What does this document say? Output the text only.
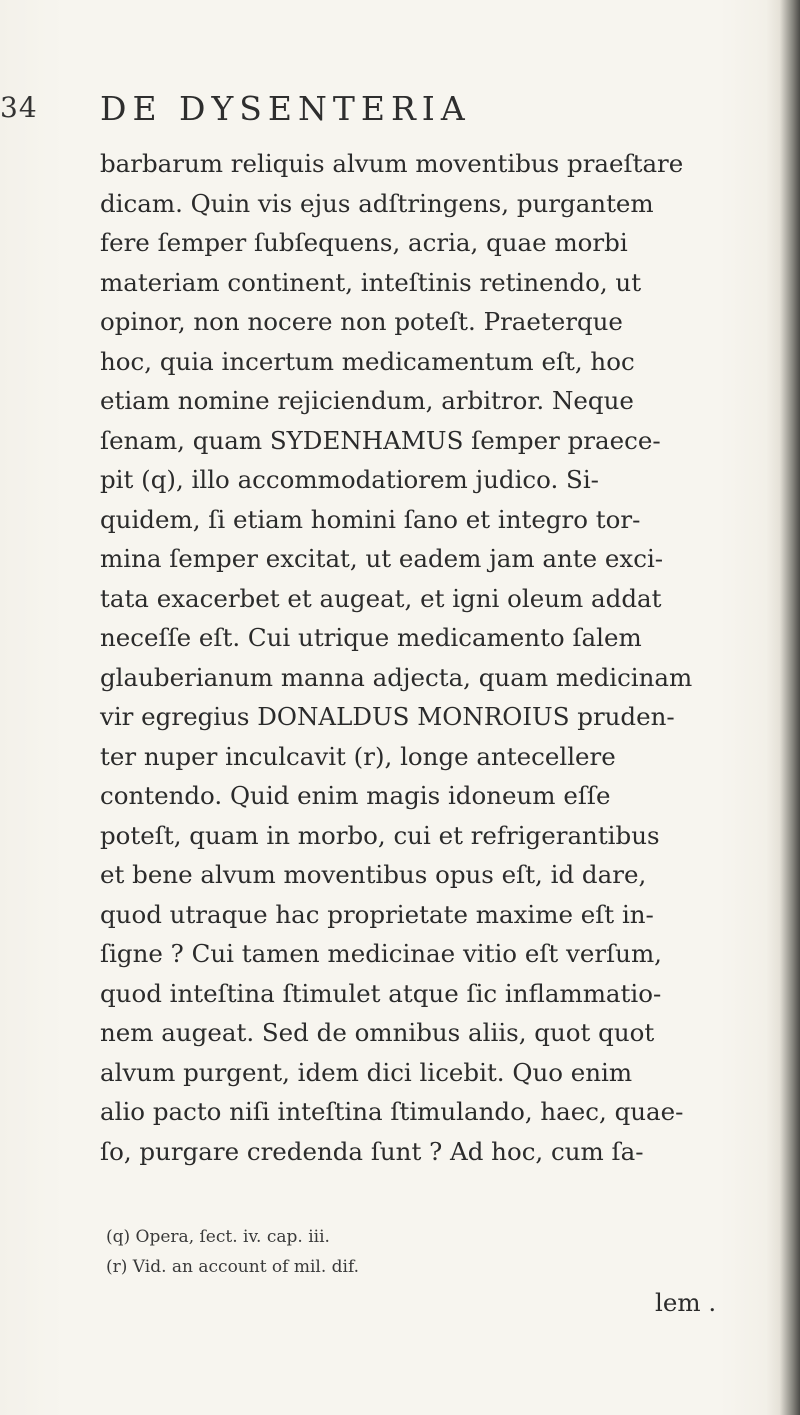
34 DE DYSENTERIA
barbarum reliquis alvum moventibus praeſtare
dicam. Quin vis ejus adſtringens, purgantem
fere ſemper ſubſequens, acria, quae morbi
materiam continent, inteſtinis retinendo, ut
opinor, non nocere non poteſt. Praeterque
hoc, quia incertum medicamentum eſt, hoc
etiam nomine rejiciendum, arbitror. Neque
ſenam, quam SYDENHAMUS ſemper praece-
pit (q), illo accommodatiorem judico. Si-
quidem, ſi etiam homini ſano et integro tor-
mina ſemper excitat, ut eadem jam ante exci-
tata exacerbet et augeat, et igni oleum addat
neceſſe eſt. Cui utrique medicamento ſalem
glauberianum manna adjecta, quam medicinam
vir egregius DONALDUS MONROIUS pruden-
ter nuper inculcavit (r), longe antecellere
contendo. Quid enim magis idoneum eſſe
poteſt, quam in morbo, cui et refrigerantibus
et bene alvum moventibus opus eſt, id dare,
quod utraque hac proprietate maxime eſt in-
ſigne ? Cui tamen medicinae vitio eſt verſum,
quod inteſtina ſtimulet atque ſic inflammatio-
nem augeat. Sed de omnibus aliis, quot quot
alvum purgent, idem dici licebit. Quo enim
alio pacto niſi inteſtina ſtimulando, haec, quae-
ſo, purgare credenda ſunt ? Ad hoc, cum ſa-
(q) Opera, ſect. iv. cap. iii.
(r) Vid. an account of mil. dif.
lem .
